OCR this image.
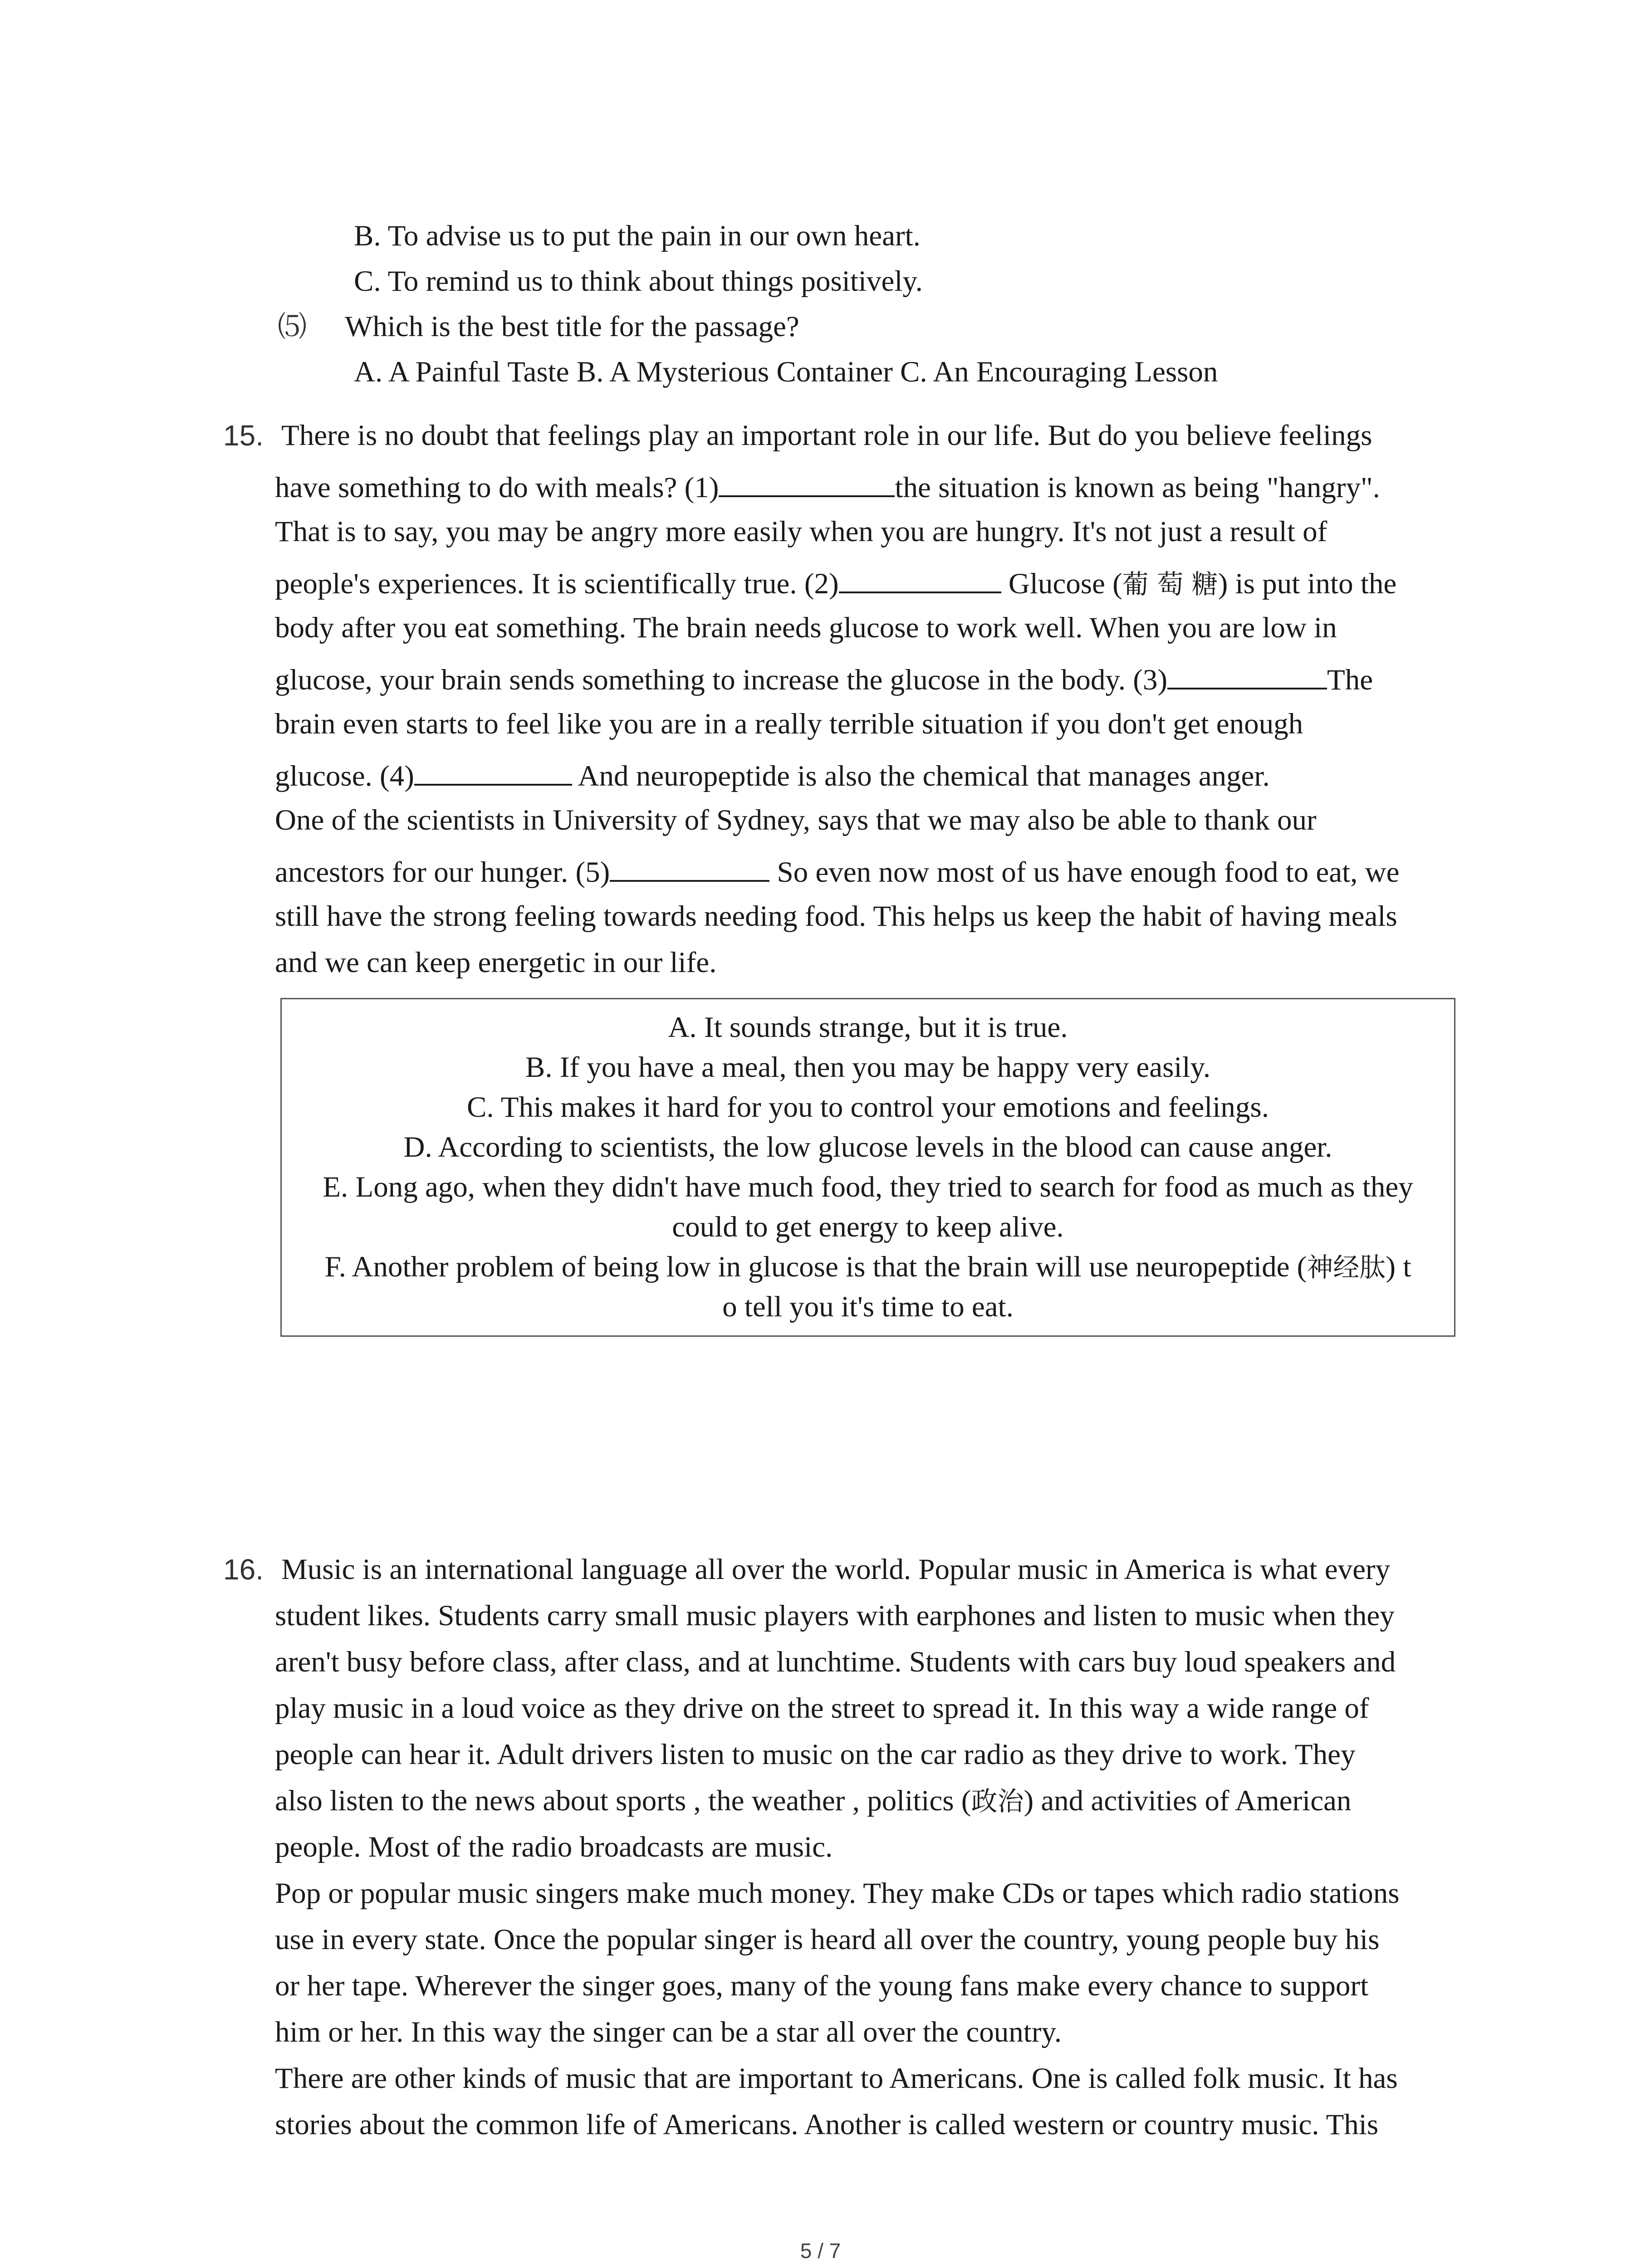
B. To advise us to put the pain in our own heart.
C. To remind us to think about things positively.
⑸ Which is the best title for the passage?
A. A Painful Taste B. A Mysterious Container C. An Encouraging Lesson
15. There is no doubt that feelings play an important role in our life. But do you believe feelings
have something to do with meals? (1)	the situation is known as being "hangry".
That is to say, you may be angry more easily when you are hungry. It's not just a result of
people's experiences. It is scientifically true. (2)	Glucose (葡 萄 糖) is put into the
body after you eat something. The brain needs glucose to work well. When you are low in
glucose, your brain sends something to increase the glucose in the body. (3)	The
brain even starts to feel like you are in a really terrible situation if you don't get enough
glucose. (4)	And neuropeptide is also the chemical that manages anger.
One of the scientists in University of Sydney, says that we may also be able to thank our
ancestors for our hunger. (5)	So even now most of us have enough food to eat, we
still have the strong feeling towards needing food. This helps us keep the habit of having meals
and we can keep energetic in our life.
A. It sounds strange, but it is true.
B. If you have a meal, then you may be happy very easily.
C. This makes it hard for you to control your emotions and feelings.
D. According to scientists, the low glucose levels in the blood can cause anger.
E. Long ago, when they didn't have much food, they tried to search for food as much as they
could to get energy to keep alive.
F. Another problem of being low in glucose is that the brain will use neuropeptide (神经肽) t
o tell you it's time to eat.
16. Music is an international language all over the world. Popular music in America is what every
student likes. Students carry small music players with earphones and listen to music when they
aren't busy before class, after class, and at lunchtime. Students with cars buy loud speakers and
play music in a loud voice as they drive on the street to spread it. In this way a wide range of
people can hear it. Adult drivers listen to music on the car radio as they drive to work. They
also listen to the news about sports , the weather , politics (政治) and activities of American
people. Most of the radio broadcasts are music.
Pop or popular music singers make much money. They make CDs or tapes which radio stations
use in every state. Once the popular singer is heard all over the country, young people buy his
or her tape. Wherever the singer goes, many of the young fans make every chance to support
him or her. In this way the singer can be a star all over the country.
There are other kinds of music that are important to Americans. One is called folk music. It has
stories about the common life of Americans. Another is called western or country music. This
5 / 7
